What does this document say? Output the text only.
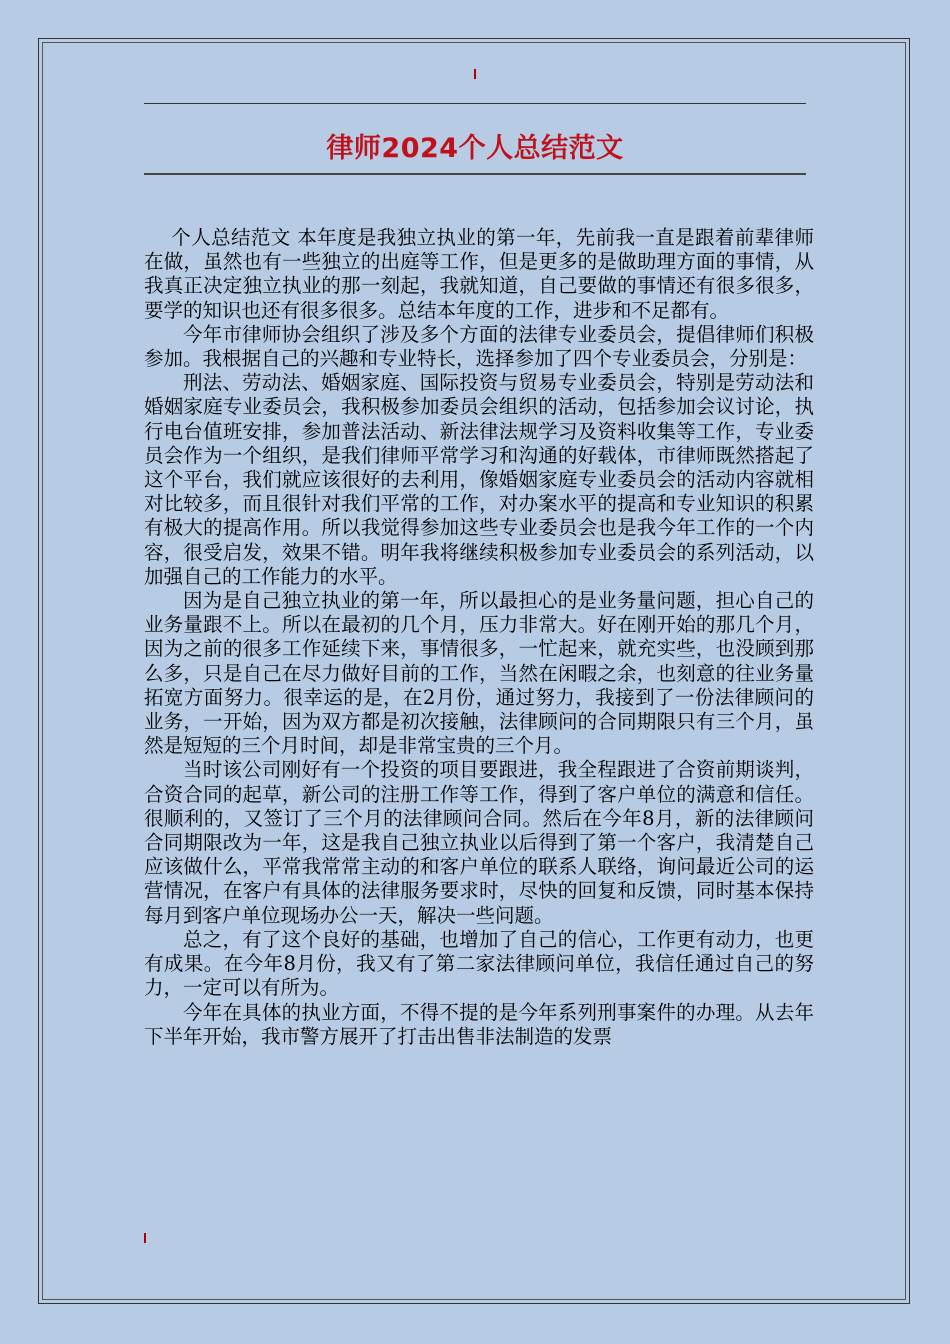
律师2024个人总结范文

个人总结范文 本年度是我独立执业的第一年，先前我一直是跟着前辈律师在做，虽然也有一些独立的出庭等工作，但是更多的是做助理方面的事情，从我真正决定独立执业的那一刻起，我就知道，自己要做的事情还有很多很多，要学的知识也还有很多很多。总结本年度的工作，进步和不足都有。

今年市律师协会组织了涉及多个方面的法律专业委员会，提倡律师们积极参加。我根据自己的兴趣和专业特长，选择参加了四个专业委员会，分别是：

刑法、劳动法、婚姻家庭、国际投资与贸易专业委员会，特别是劳动法和婚姻家庭专业委员会，我积极参加委员会组织的活动，包括参加会议讨论，执行电台值班安排，参加普法活动、新法律法规学习及资料收集等工作，专业委员会作为一个组织，是我们律师平常学习和沟通的好载体，市律师既然搭起了这个平台，我们就应该很好的去利用，像婚姻家庭专业委员会的活动内容就相对比较多，而且很针对我们平常的工作，对办案水平的提高和专业知识的积累有极大的提高作用。所以我觉得参加这些专业委员会也是我今年工作的一个内容，很受启发，效果不错。明年我将继续积极参加专业委员会的系列活动，以加强自己的工作能力的水平。

因为是自己独立执业的第一年，所以最担心的是业务量问题，担心自己的业务量跟不上。所以在最初的几个月，压力非常大。好在刚开始的那几个月，因为之前的很多工作延续下来，事情很多，一忙起来，就充实些，也没顾到那么多，只是自己在尽力做好目前的工作，当然在闲暇之余，也刻意的往业务量拓宽方面努力。很幸运的是，在2月份，通过努力，我接到了一份法律顾问的业务，一开始，因为双方都是初次接触，法律顾问的合同期限只有三个月，虽然是短短的三个月时间，却是非常宝贵的三个月。

当时该公司刚好有一个投资的项目要跟进，我全程跟进了合资前期谈判，合资合同的起草，新公司的注册工作等工作，得到了客户单位的满意和信任。很顺利的，又签订了三个月的法律顾问合同。然后在今年8月，新的法律顾问合同期限改为一年，这是我自己独立执业以后得到了第一个客户，我清楚自己应该做什么，平常我常常主动的和客户单位的联系人联络，询问最近公司的运营情况，在客户有具体的法律服务要求时，尽快的回复和反馈，同时基本保持每月到客户单位现场办公一天，解决一些问题。

总之，有了这个良好的基础，也增加了自己的信心，工作更有动力，也更有成果。在今年8月份，我又有了第二家法律顾问单位，我信任通过自己的努力，一定可以有所为。

今年在具体的执业方面，不得不提的是今年系列刑事案件的办理。从去年下半年开始，我市警方展开了打击出售非法制造的发票
